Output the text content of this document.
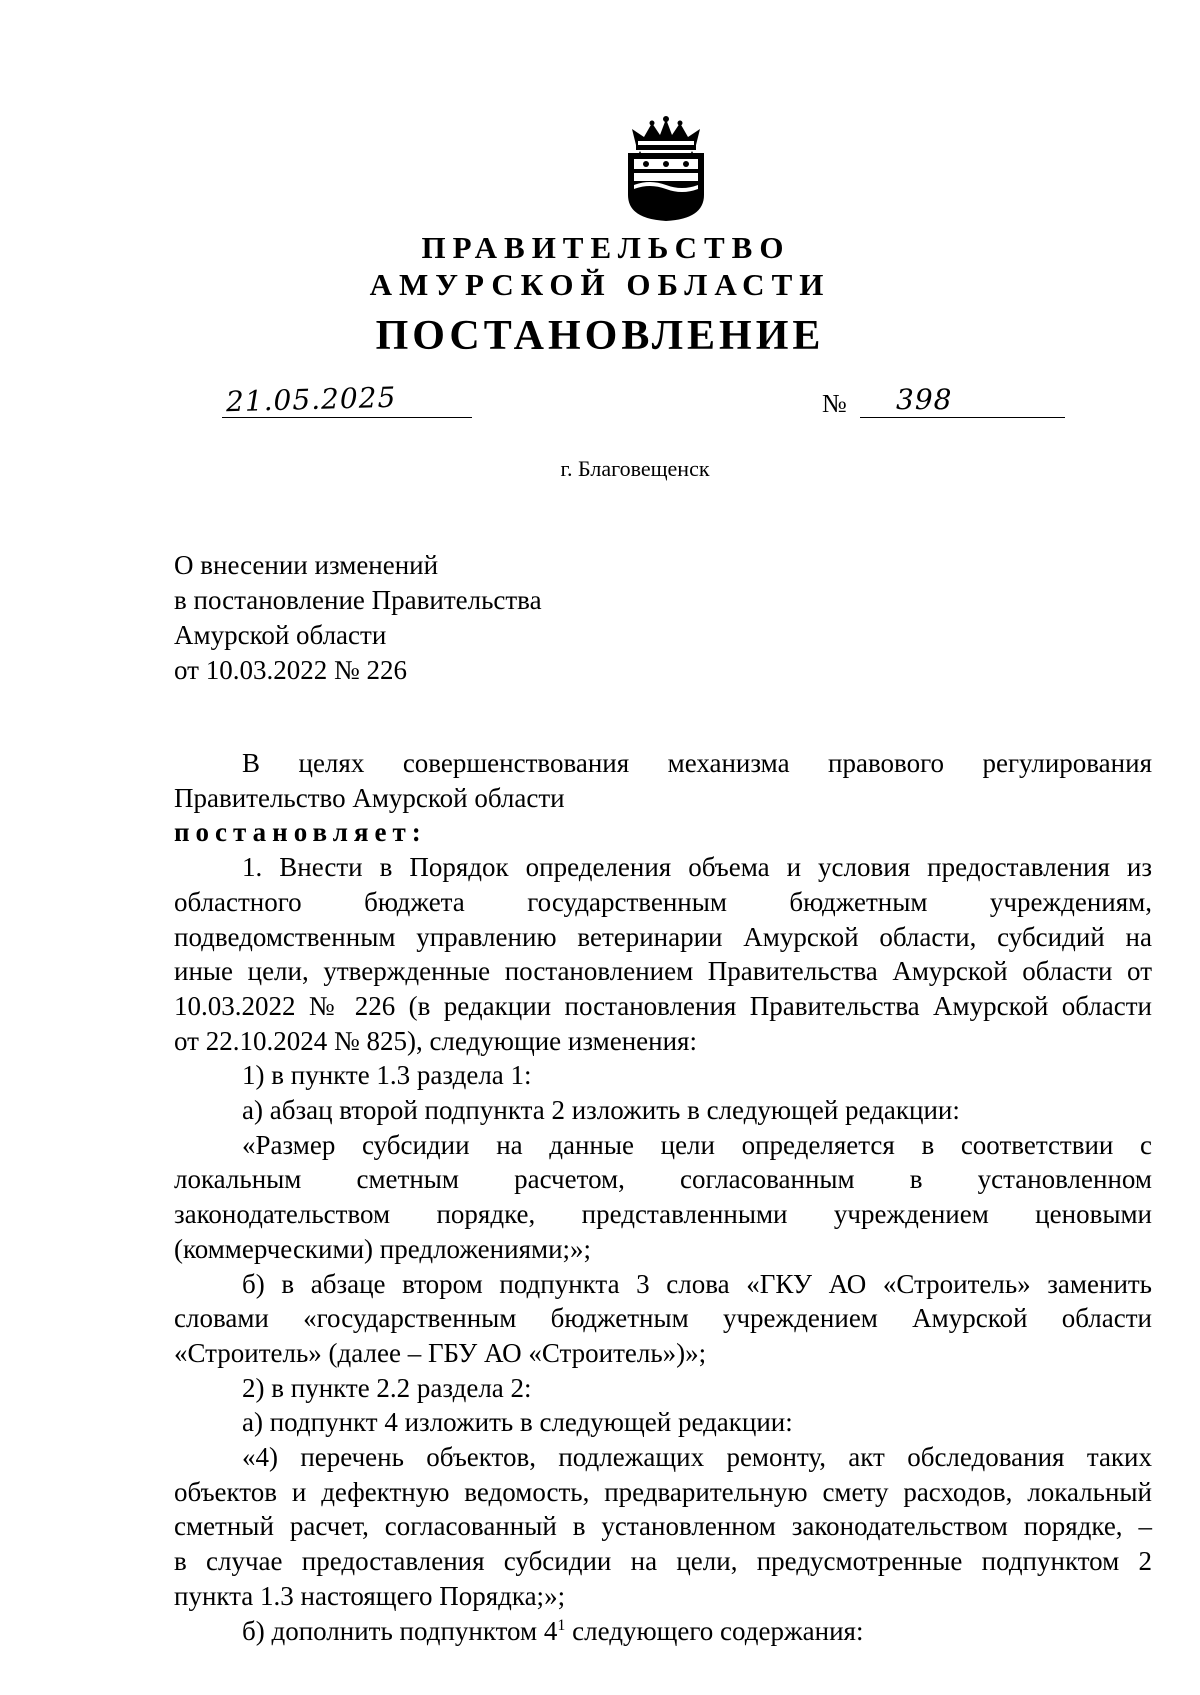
ПРАВИТЕЛЬСТВО
АМУРСКОЙ ОБЛАСТИ
ПОСТАНОВЛЕНИЕ
21.05.2025	№ 398
г. Благовещенск
О внесении изменений
в постановление Правительства
Амурской области
от 10.03.2022 № 226

В целях совершенствования механизма правового регулирования

Правительство Амурской области

постановляет:

1. Внести в Порядок определения объема и условия предоставления из

областного бюджета государственным бюджетным учреждениям,

подведомственным управлению ветеринарии Амурской области, субсидий на

иные цели, утвержденные постановлением Правительства Амурской области от

10.03.2022 № 226 (в редакции постановления Правительства Амурской области

от 22.10.2024 № 825), следующие изменения:

1) в пункте 1.3 раздела 1:

а) абзац второй подпункта 2 изложить в следующей редакции:

«Размер субсидии на данные цели определяется в соответствии с

локальным сметным расчетом, согласованным в установленном

законодательством порядке, представленными учреждением ценовыми

(коммерческими) предложениями;»;

б) в абзаце втором подпункта 3 слова «ГКУ АО «Строитель» заменить

словами «государственным бюджетным учреждением Амурской области

«Строитель» (далее – ГБУ АО «Строитель»)»;

2) в пункте 2.2 раздела 2:

а) подпункт 4 изложить в следующей редакции:

«4) перечень объектов, подлежащих ремонту, акт обследования таких

объектов и дефектную ведомость, предварительную смету расходов, локальный

сметный расчет, согласованный в установленном законодательством порядке, –

в случае предоставления субсидии на цели, предусмотренные подпунктом 2

пункта 1.3 настоящего Порядка;»;

б) дополнить подпунктом $4^1$ следующего содержания:
